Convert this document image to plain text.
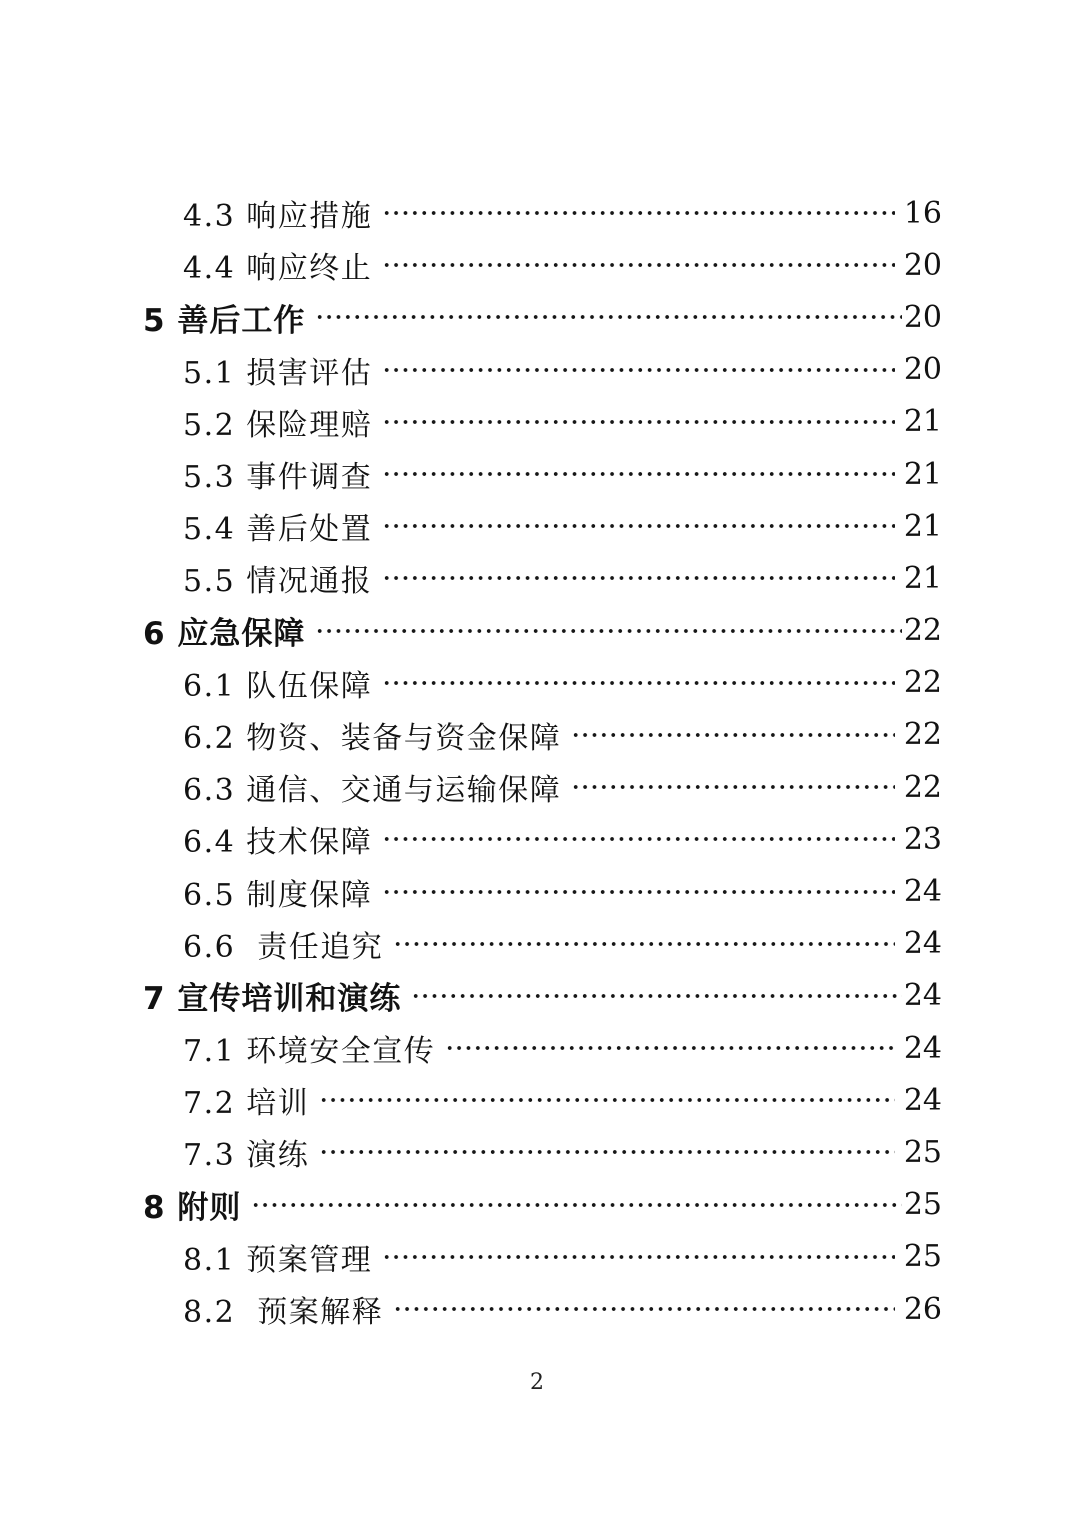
4.3 响应措施	16
4.4 响应终止	20
5 善后工作	20
5.1 损害评估	20
5.2 保险理赔	21
5.3 事件调查	21
5.4 善后处置	21
5.5 情况通报	21
6 应急保障	22
6.1 队伍保障	22
6.2 物资、装备与资金保障	22
6.3 通信、交通与运输保障	22
6.4 技术保障	23
6.5 制度保障	24
6.6  责任追究	24
7 宣传培训和演练	24
7.1 环境安全宣传	24
7.2 培训	24
7.3 演练	25
8 附则	25
8.1 预案管理	25
8.2  预案解释	26
2
